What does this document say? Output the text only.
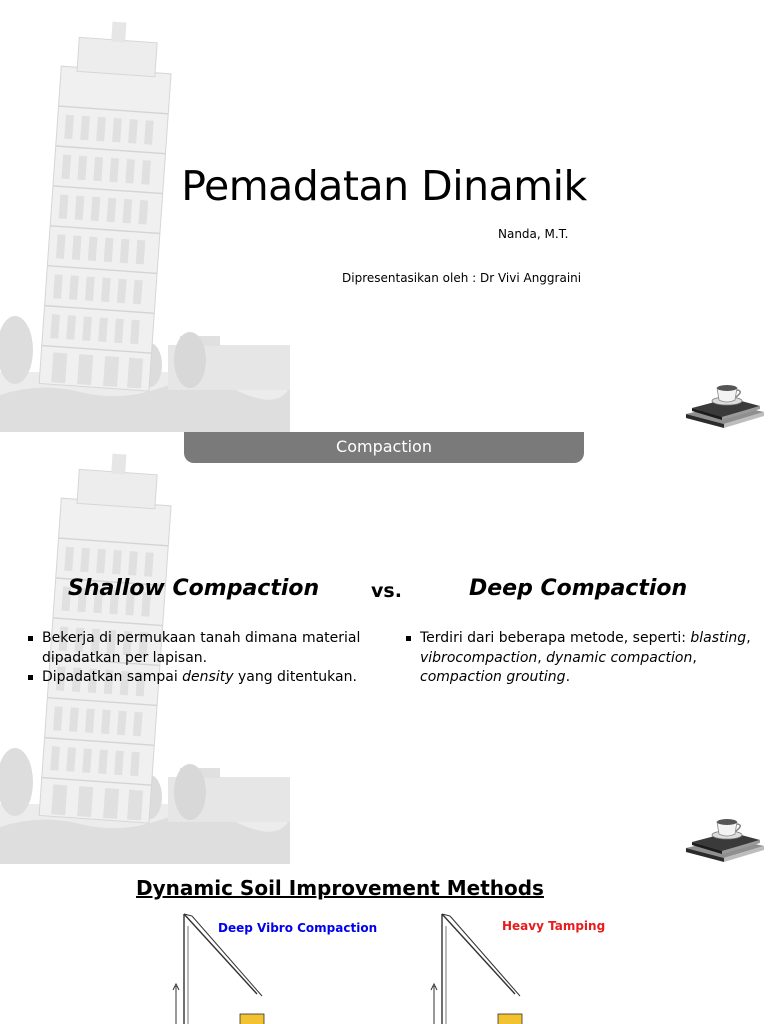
Pemadatan Dinamik
Nanda, M.T.
Dipresentasikan oleh : Dr Vivi Anggraini
Compaction
Shallow Compaction	vs.	Deep Compaction
Bekerja di permukaan tanah dimana material dipadatkan per lapisan.
Dipadatkan sampai density yang ditentukan.
Terdiri dari beberapa metode, seperti: blasting, vibrocompaction, dynamic compaction, compaction grouting.
Dynamic Soil Improvement Methods
Deep Vibro Compaction	Heavy Tamping
